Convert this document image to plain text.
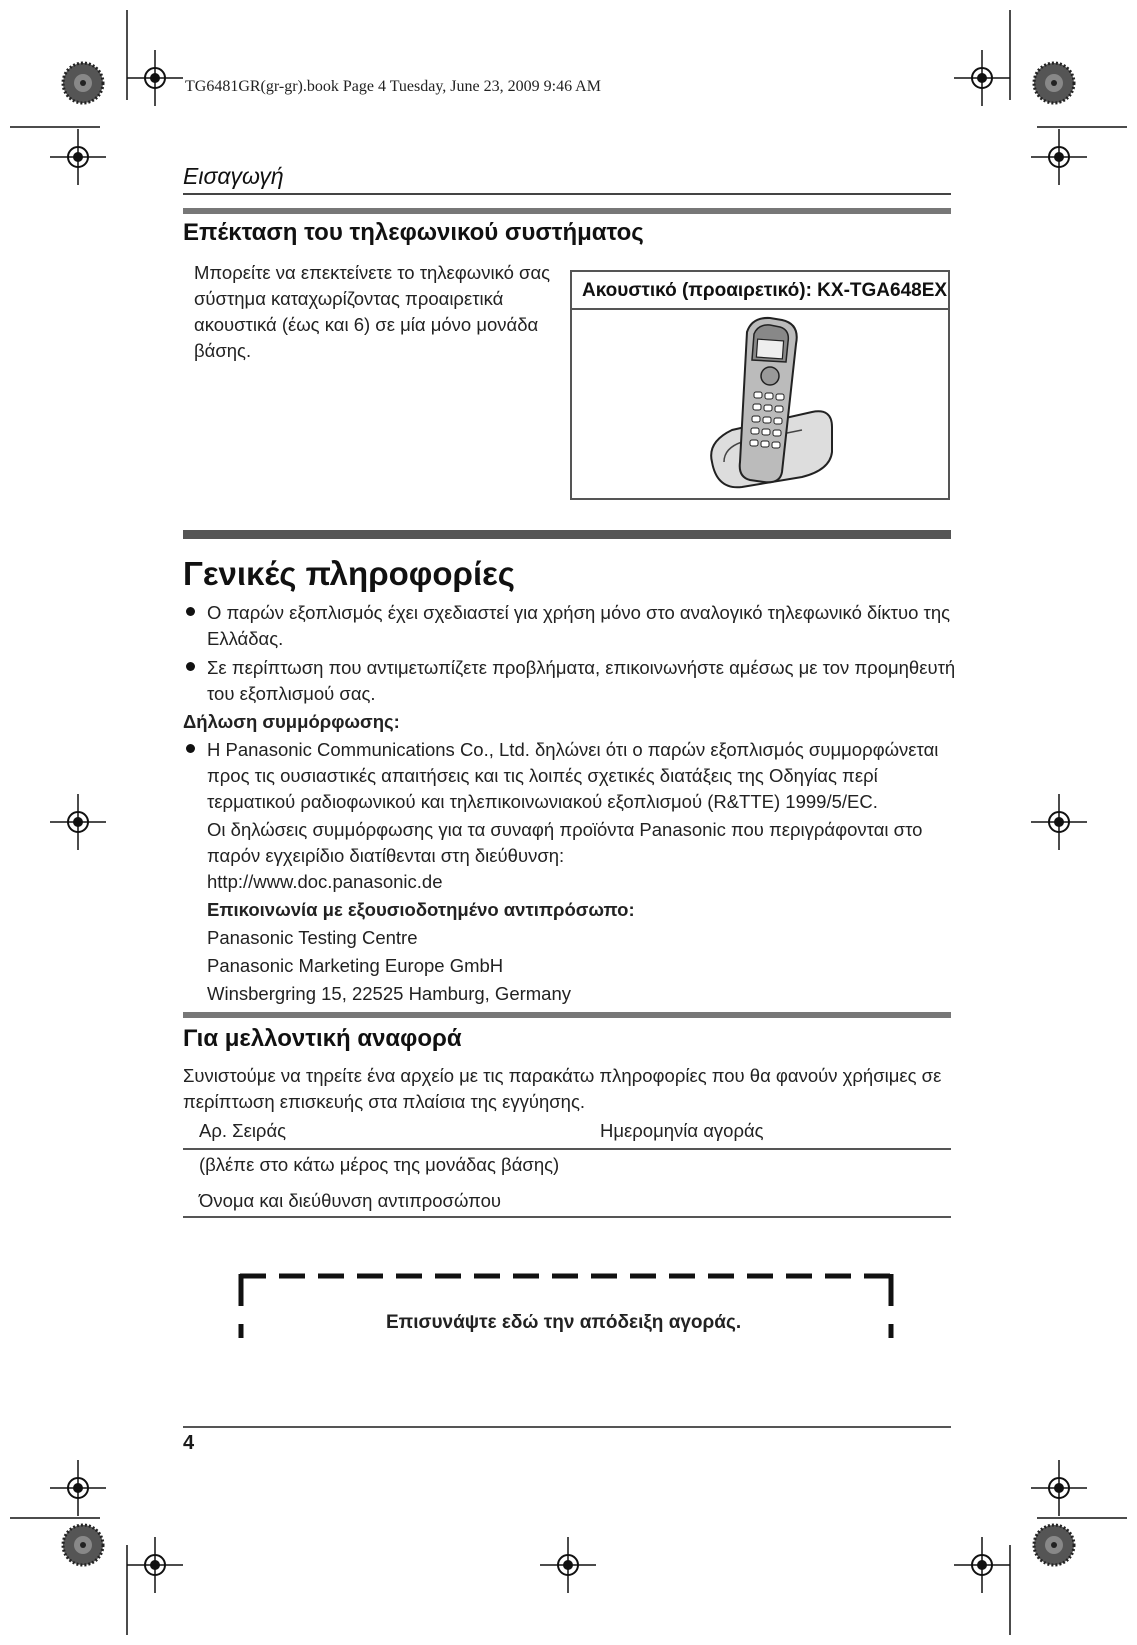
TG6481GR(gr-gr).book Page 4 Tuesday, June 23, 2009 9:46 AM
Εισαγωγή
Επέκταση του τηλεφωνικού συστήματος
Μπορείτε να επεκτείνετε το τηλεφωνικό σας
σύστημα καταχωρίζοντας προαιρετικά
ακουστικά (έως και 6) σε μία μόνο μονάδα
βάσης.
Ακουστικό (προαιρετικό): KX-TGA648EX
Γενικές πληροφορίες
Ο παρών εξοπλισμός έχει σχεδιαστεί για χρήση μόνο στο αναλογικό τηλεφωνικό δίκτυο της
Ελλάδας.
Σε περίπτωση που αντιμετωπίζετε προβλήματα, επικοινωνήστε αμέσως με τον προμηθευτή
του εξοπλισμού σας.
Δήλωση συμμόρφωσης:
Η Panasonic Communications Co., Ltd. δηλώνει ότι ο παρών εξοπλισμός συμμορφώνεται
προς τις ουσιαστικές απαιτήσεις και τις λοιπές σχετικές διατάξεις της Οδηγίας περί
τερματικού ραδιοφωνικού και τηλεπικοινωνιακού εξοπλισμού (R&TTE) 1999/5/EC.
Οι δηλώσεις συμμόρφωσης για τα συναφή προϊόντα Panasonic που περιγράφονται στο
παρόν εγχειρίδιο διατίθενται στη διεύθυνση:
http://www.doc.panasonic.de
Επικοινωνία με εξουσιοδοτημένο αντιπρόσωπο:
Panasonic Testing Centre
Panasonic Marketing Europe GmbH
Winsbergring 15, 22525 Hamburg, Germany
Για μελλοντική αναφορά
Συνιστούμε να τηρείτε ένα αρχείο με τις παρακάτω πληροφορίες που θα φανούν χρήσιμες σε
περίπτωση επισκευής στα πλαίσια της εγγύησης.
Αρ. Σειράς	Ημερομηνία αγοράς
(βλέπε στο κάτω μέρος της μονάδας βάσης)
Όνομα και διεύθυνση αντιπροσώπου
Επισυνάψτε εδώ την απόδειξη αγοράς.
4
